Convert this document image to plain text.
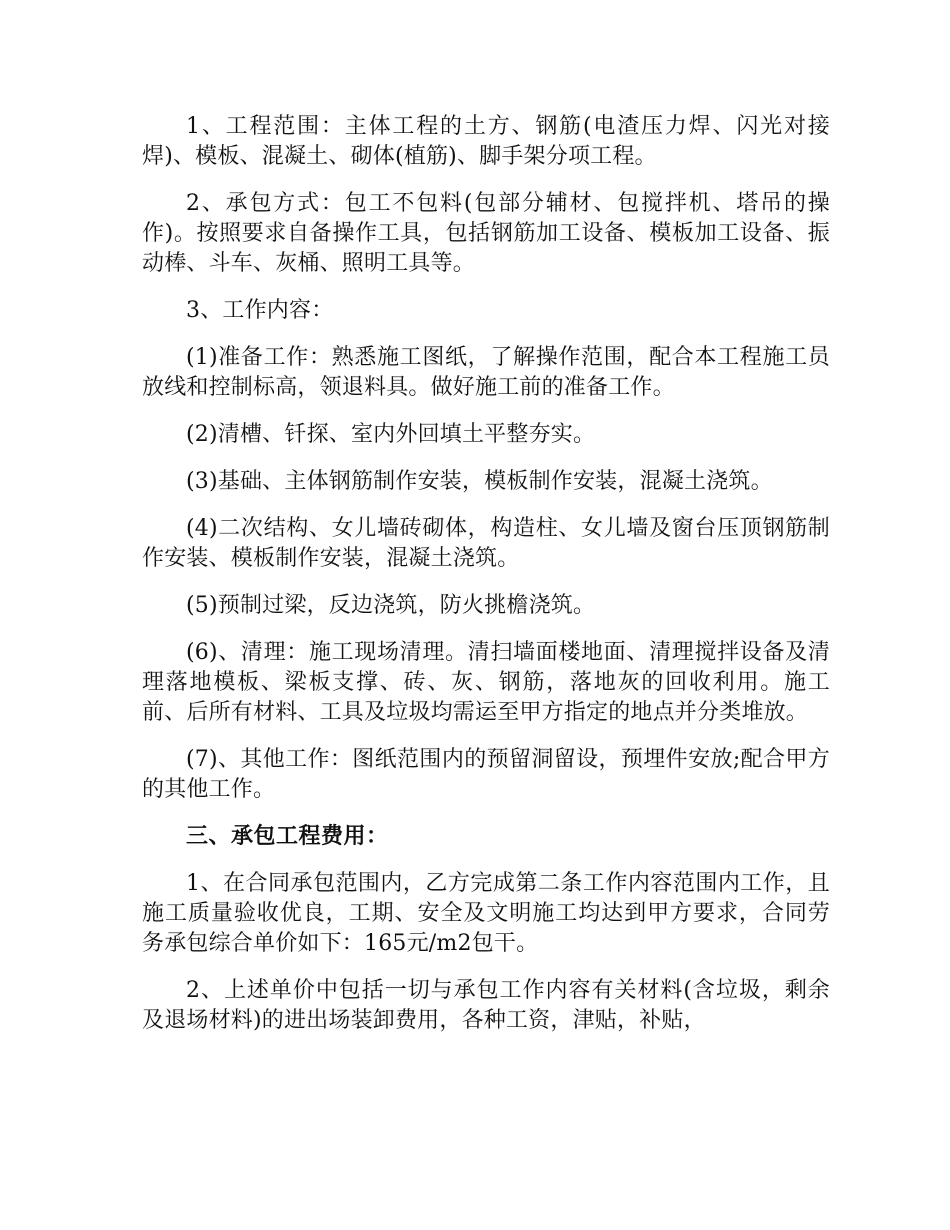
1、工程范围：主体工程的土方、钢筋(电渣压力焊、闪光对接焊)、模板、混凝土、砌体(植筋)、脚手架分项工程。

2、承包方式：包工不包料(包部分辅材、包搅拌机、塔吊的操作)。按照要求自备操作工具，包括钢筋加工设备、模板加工设备、振动棒、斗车、灰桶、照明工具等。

3、工作内容：

(1)准备工作：熟悉施工图纸，了解操作范围，配合本工程施工员放线和控制标高，领退料具。做好施工前的准备工作。

(2)清槽、钎探、室内外回填土平整夯实。

(3)基础、主体钢筋制作安装，模板制作安装，混凝土浇筑。

(4)二次结构、女儿墙砖砌体，构造柱、女儿墙及窗台压顶钢筋制作安装、模板制作安装，混凝土浇筑。

(5)预制过梁，反边浇筑，防火挑檐浇筑。

(6)、清理：施工现场清理。清扫墙面楼地面、清理搅拌设备及清理落地模板、梁板支撑、砖、灰、钢筋，落地灰的回收利用。施工前、后所有材料、工具及垃圾均需运至甲方指定的地点并分类堆放。

(7)、其他工作：图纸范围内的预留洞留设，预埋件安放;配合甲方的其他工作。

三、承包工程费用：

1、在合同承包范围内，乙方完成第二条工作内容范围内工作，且施工质量验收优良，工期、安全及文明施工均达到甲方要求，合同劳务承包综合单价如下：165元/m2包干。

2、上述单价中包括一切与承包工作内容有关材料(含垃圾，剩余及退场材料)的进出场装卸费用，各种工资，津贴，补贴，
